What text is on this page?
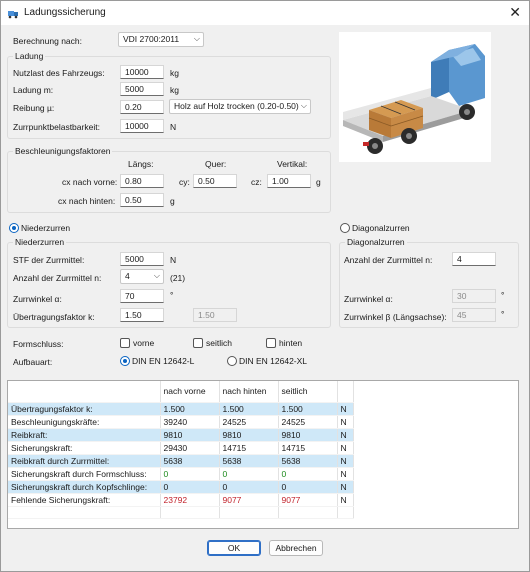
Ladungssicherung	✕
Berechnung nach:	VDI 2700:2011 ⌵
Ladung
Nutzlast des Fahrzeugs:	10000	kg
Ladung m:	5000	kg
Reibung µ:	0.20	Holz auf Holz trocken (0.20-0.50) ⌵
Zurrpunktbelastbarkeit:	10000	N
Beschleunigungsfaktoren
Längs:	Quer:	Vertikal:
cx nach vorne: 0.80	cy: 0.50	cz:	1.00	g
cx nach hinten:	0.50	g
Niederzurren	Diagonalzurren
Niederzurren
STF der Zurrmittel:	5000	N
Anzahl der Zurrmittel n:	4	⌵ (21)
Zurrwinkel α:	70	°
Übertragungsfaktor k:	1.50	1.50
Diagonalzurren
Anzahl der Zurrmittel n:	4
Zurrwinkel α:	30	°
Zurrwinkel β (Längsachse):	45	°
Formschluss:	vorne	seitlich	hinten
Aufbauart:	DIN EN 12642-L	DIN EN 12642-XL
	nach vorne	nach hinten	seitlich	
Übertragungsfaktor k:	1.500	1.500	1.500	N
Beschleunigungskräfte:	39240	24525	24525	N
Reibkraft:	9810	9810	9810	N
Sicherungskraft:	29430	14715	14715	N
Reibkraft durch Zurrmittel:	5638	5638	5638	N
Sicherungskraft durch Formschluss:	0	0	0	N
Sicherungskraft durch Kopfschlinge:	0	0	0	N
Fehlende Sicherungskraft:	23792	9077	9077	N

OK	Abbrechen
